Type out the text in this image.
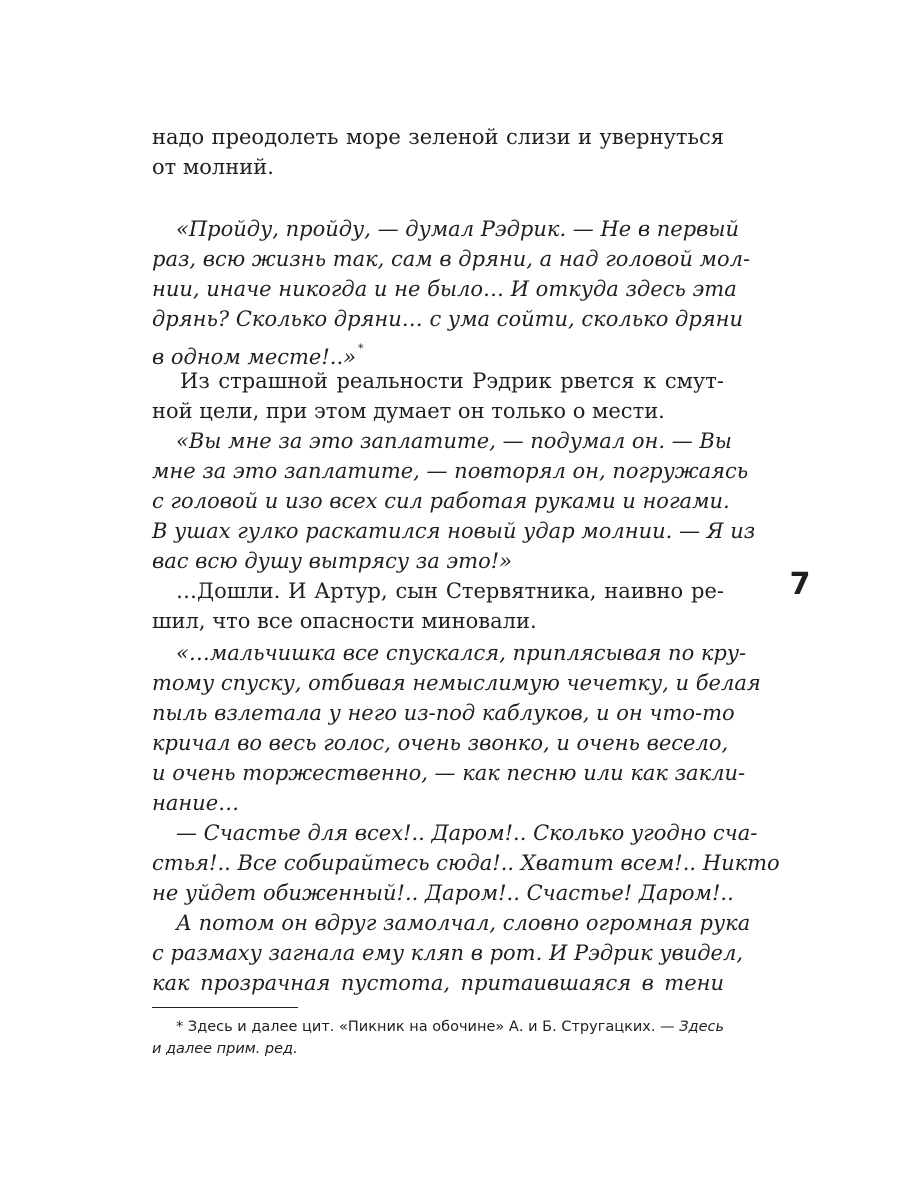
надо преодолеть море зеленой слизи и увернуться
от молний.
«Пройду, пройду, — думал Рэдрик. — Не в первый
раз, всю жизнь так, сам в дряни, а над головой мол-
нии, иначе никогда и не было… И откуда здесь эта
дрянь? Сколько дряни… с ума сойти, сколько дряни
в одном месте!..» *
Из страшной реальности Рэдрик рвется к смут-
ной цели, при этом думает он только о мести.
«Вы мне за это заплатите, — подумал он. — Вы
мне за это заплатите, — повторял он, погружаясь
с головой и изо всех сил работая руками и ногами.
В ушах гулко раскатился новый удар молнии. — Я из
вас всю душу вытрясу за это!»
…Дошли. И Артур, сын Стервятника, наивно ре-
шил, что все опасности миновали.
«…мальчишка все спускался, приплясывая по кру-
тому спуску, отбивая немыслимую чечетку, и белая
пыль взлетала у него из-под каблуков, и он что-то
кричал во весь голос, очень звонко, и очень весело,
и очень торжественно, — как песню или как закли-
нание…
— Счастье для всех!.. Даром!.. Сколько угодно сча-
стья!.. Все собирайтесь сюда!.. Хватит всем!.. Никто
не уйдет обиженный!.. Даром!.. Счастье! Даром!..
А потом он вдруг замолчал, словно огромная рука
с размаху загнала ему кляп в рот. И Рэдрик увидел,
как прозрачная пустота, притаившаяся в тени
* Здесь и далее цит. «Пикник на обочине» А. и Б. Стругацких. — Здесь
и далее прим. ред.
7
